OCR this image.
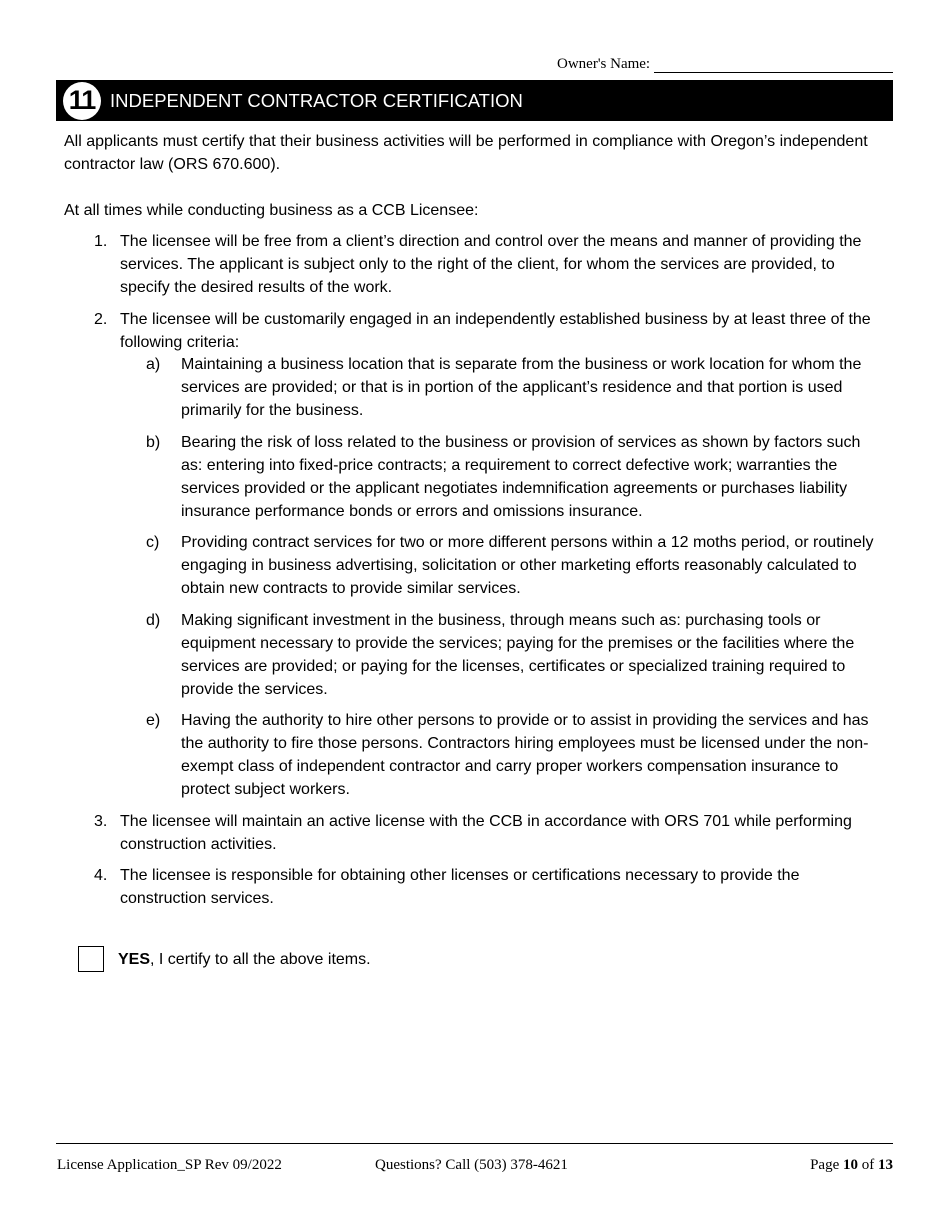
Owner's Name:
11 INDEPENDENT CONTRACTOR CERTIFICATION
All applicants must certify that their business activities will be performed in compliance with Oregon’s independent contractor law (ORS 670.600).
At all times while conducting business as a CCB Licensee:
1. The licensee will be free from a client’s direction and control over the means and manner of providing the services. The applicant is subject only to the right of the client, for whom the services are provided, to specify the desired results of the work.
2. The licensee will be customarily engaged in an independently established business by at least three of the following criteria:
a)	Maintaining a business location that is separate from the business or work location for whom the services are provided; or that is in portion of the applicant’s residence and that portion is used primarily for the business.
b)	Bearing the risk of loss related to the business or provision of services as shown by factors such as: entering into fixed-price contracts; a requirement to correct defective work; warranties the services provided or the applicant negotiates indemnification agreements or purchases liability insurance performance bonds or errors and omissions insurance.
c)	Providing contract services for two or more different persons within a 12 moths period, or routinely engaging in business advertising, solicitation or other marketing efforts reasonably calculated to obtain new contracts to provide similar services.
d)	Making significant investment in the business, through means such as: purchasing tools or equipment necessary to provide the services; paying for the premises or the facilities where the services are provided; or paying for the licenses, certificates or specialized training required to provide the services.
e)	Having the authority to hire other persons to provide or to assist in providing the services and has the authority to fire those persons. Contractors hiring employees must be licensed under the non-exempt class of independent contractor and carry proper workers compensation insurance to protect subject workers.
3. The licensee will maintain an active license with the CCB in accordance with ORS 701 while performing construction activities.
4. The licensee is responsible for obtaining other licenses or certifications necessary to provide the construction services.
YES, I certify to all the above items.
License Application_SP Rev 09/2022	Questions? Call (503) 378-4621	Page 10 of 13
